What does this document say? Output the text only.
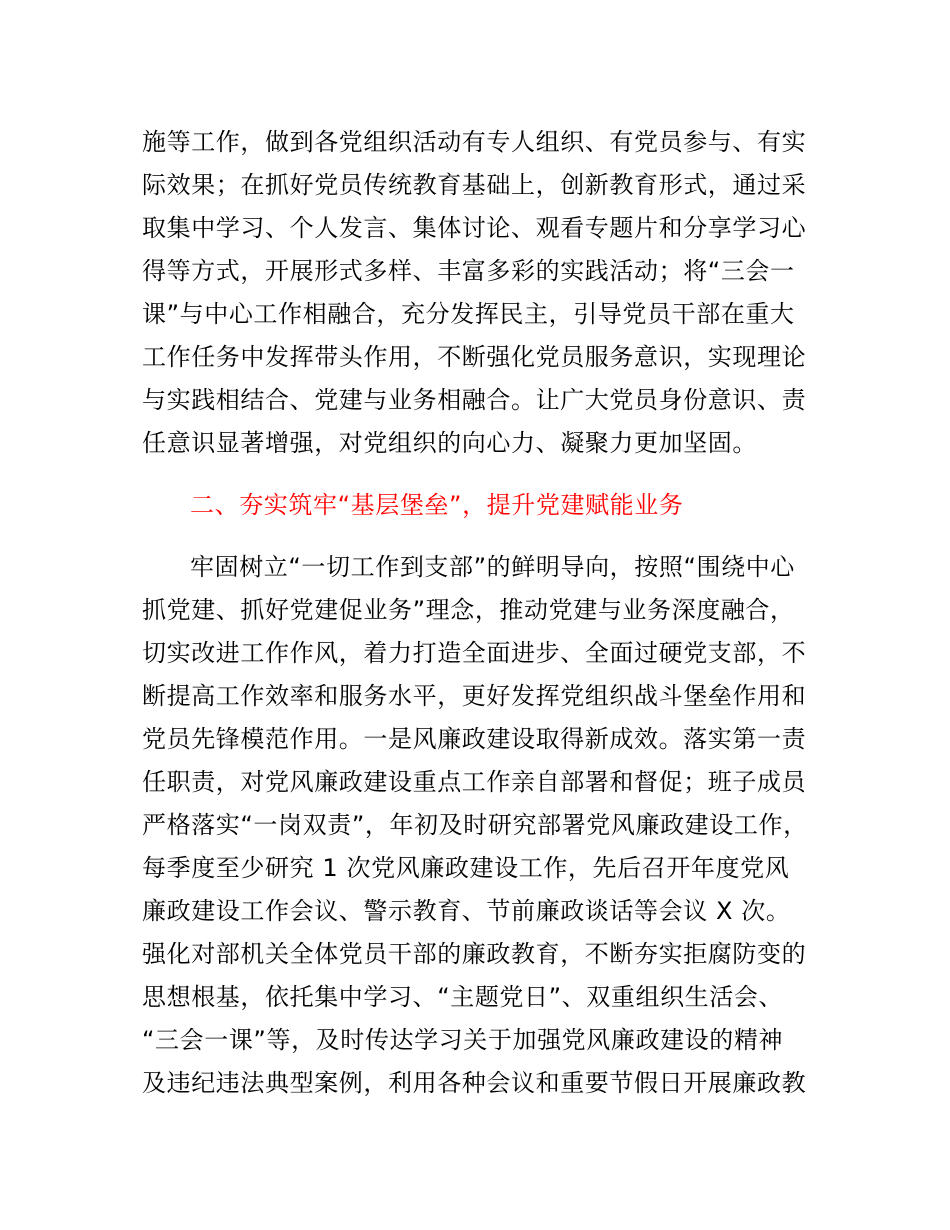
施等工作，做到各党组织活动有专人组织、有党员参与、有实
际效果；在抓好党员传统教育基础上，创新教育形式，通过采
取集中学习、个人发言、集体讨论、观看专题片和分享学习心
得等方式，开展形式多样、丰富多彩的实践活动；将“三会一
课”与中心工作相融合，充分发挥民主，引导党员干部在重大
工作任务中发挥带头作用，不断强化党员服务意识，实现理论
与实践相结合、党建与业务相融合。让广大党员身份意识、责
任意识显著增强，对党组织的向心力、凝聚力更加坚固。
二、夯实筑牢“基层堡垒”，提升党建赋能业务
牢固树立“一切工作到支部”的鲜明导向，按照“围绕中心
抓党建、抓好党建促业务”理念，推动党建与业务深度融合，
切实改进工作作风，着力打造全面进步、全面过硬党支部，不
断提高工作效率和服务水平，更好发挥党组织战斗堡垒作用和
党员先锋模范作用。一是风廉政建设取得新成效。落实第一责
任职责，对党风廉政建设重点工作亲自部署和督促；班子成员
严格落实“一岗双责”，年初及时研究部署党风廉政建设工作，
每季度至少研究 1 次党风廉政建设工作，先后召开年度党风
廉政建设工作会议、警示教育、节前廉政谈话等会议 X 次。
强化对部机关全体党员干部的廉政教育，不断夯实拒腐防变的
思想根基，依托集中学习、“主题党日”、双重组织生活会、
“三会一课”等，及时传达学习关于加强党风廉政建设的精神
及违纪违法典型案例，利用各种会议和重要节假日开展廉政教
